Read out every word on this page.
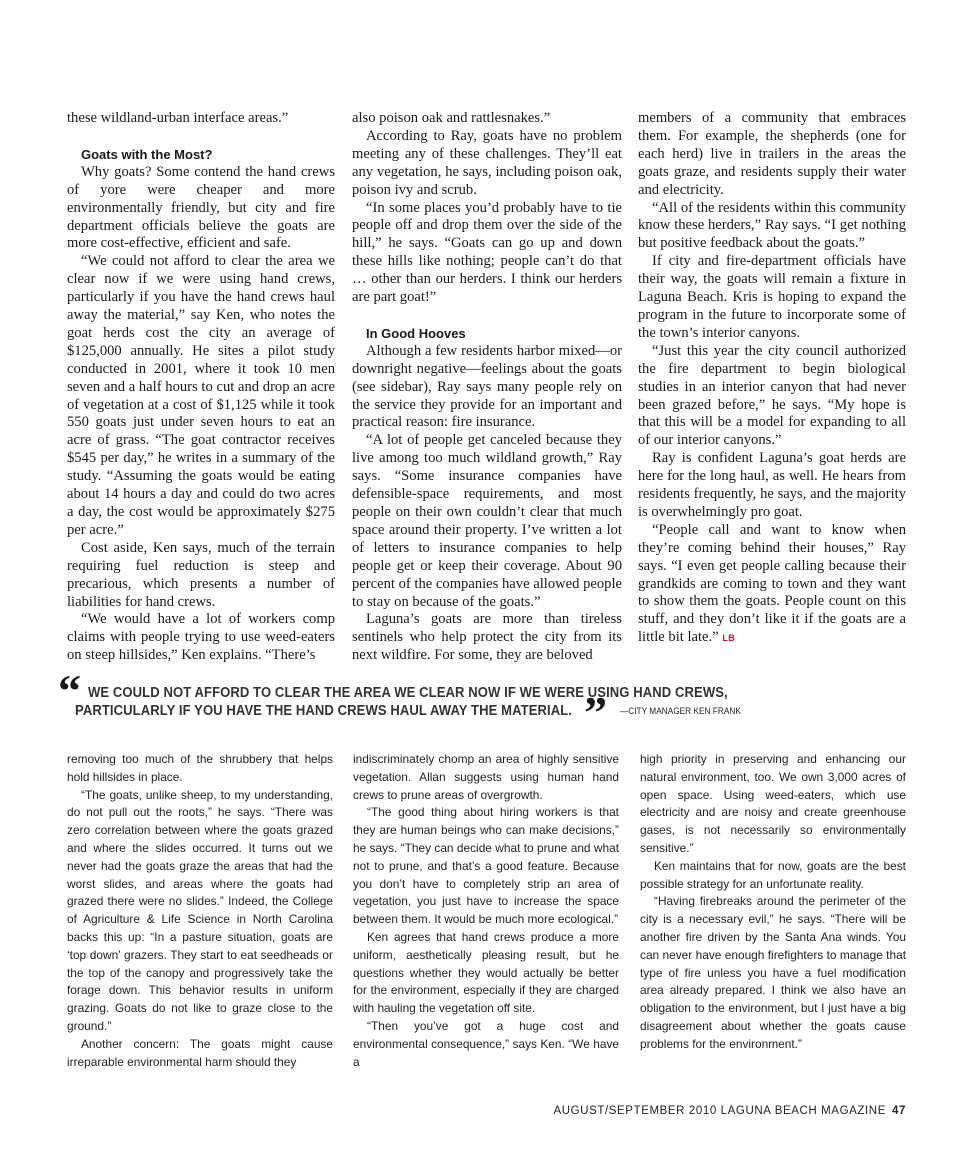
these wildland-urban interface areas.”

Goats with the Most?

Why goats? Some contend the hand crews of yore were cheaper and more environmentally friendly, but city and fire department officials believe the goats are more cost-effective, efficient and safe.

“We could not afford to clear the area we clear now if we were using hand crews, particularly if you have the hand crews haul away the material,” say Ken, who notes the goat herds cost the city an average of $125,000 annually. He sites a pilot study conducted in 2001, where it took 10 men seven and a half hours to cut and drop an acre of vegetation at a cost of $1,125 while it took 550 goats just under seven hours to eat an acre of grass. “The goat contractor receives $545 per day,” he writes in a summary of the study. “Assuming the goats would be eating about 14 hours a day and could do two acres a day, the cost would be approximately $275 per acre.”

Cost aside, Ken says, much of the terrain requiring fuel reduction is steep and precarious, which presents a number of liabilities for hand crews.

“We would have a lot of workers comp claims with people trying to use weed-eaters on steep hillsides,” Ken explains. “There’s

also poison oak and rattlesnakes.”

According to Ray, goats have no problem meeting any of these challenges. They’ll eat any vegetation, he says, including poison oak, poison ivy and scrub.

“In some places you’d probably have to tie people off and drop them over the side of the hill,” he says. “Goats can go up and down these hills like nothing; people can’t do that … other than our herders. I think our herders are part goat!”

In Good Hooves

Although a few residents harbor mixed—or downright negative—feelings about the goats (see sidebar), Ray says many people rely on the service they provide for an important and practical reason: fire insurance.

“A lot of people get canceled because they live among too much wildland growth,” Ray says. “Some insurance companies have defensible-space requirements, and most people on their own couldn’t clear that much space around their property. I’ve written a lot of letters to insurance companies to help people get or keep their coverage. About 90 percent of the companies have allowed people to stay on because of the goats.”

Laguna’s goats are more than tireless sentinels who help protect the city from its next wildfire. For some, they are beloved

members of a community that embraces them. For example, the shepherds (one for each herd) live in trailers in the areas the goats graze, and residents supply their water and electricity.

“All of the residents within this community know these herders,” Ray says. “I get nothing but positive feedback about the goats.”

If city and fire-department officials have their way, the goats will remain a fixture in Laguna Beach. Kris is hoping to expand the program in the future to incorporate some of the town’s interior canyons.

“Just this year the city council authorized the fire department to begin biological studies in an interior canyon that had never been grazed before,” he says. “My hope is that this will be a model for expanding to all of our interior canyons.”

Ray is confident Laguna’s goat herds are here for the long haul, as well. He hears from residents frequently, he says, and the majority is overwhelmingly pro goat.

“People call and want to know when they’re coming behind their houses,” Ray says. “I even get people calling because their grandkids are coming to town and they want to show them the goats. People count on this stuff, and they don’t like it if the goats are a little bit late.” LB

“ WE COULD NOT AFFORD TO CLEAR THE AREA WE CLEAR NOW IF WE WERE USING HAND CREWS,
PARTICULARLY IF YOU HAVE THE HAND CREWS HAUL AWAY THE MATERIAL. ” —CITY MANAGER KEN FRANK

removing too much of the shrubbery that helps hold hillsides in place.

“The goats, unlike sheep, to my understanding, do not pull out the roots,” he says. “There was zero correlation between where the goats grazed and where the slides occurred. It turns out we never had the goats graze the areas that had the worst slides, and areas where the goats had grazed there were no slides.” Indeed, the College of Agriculture & Life Science in North Carolina backs this up: “In a pasture situation, goats are ‘top down’ grazers. They start to eat seedheads or the top of the canopy and progressively take the forage down. This behavior results in uniform grazing. Goats do not like to graze close to the ground.”

Another concern: The goats might cause irreparable environmental harm should they

indiscriminately chomp an area of highly sensitive vegetation. Allan suggests using human hand crews to prune areas of overgrowth.

“The good thing about hiring workers is that they are human beings who can make decisions,” he says. “They can decide what to prune and what not to prune, and that’s a good feature. Because you don’t have to completely strip an area of vegetation, you just have to increase the space between them. It would be much more ecological.”

Ken agrees that hand crews produce a more uniform, aesthetically pleasing result, but he questions whether they would actually be better for the environment, especially if they are charged with hauling the vegetation off site.

“Then you’ve got a huge cost and environmental consequence,” says Ken. “We have a

high priority in preserving and enhancing our natural environment, too. We own 3,000 acres of open space. Using weed-eaters, which use electricity and are noisy and create greenhouse gases, is not necessarily so environmentally sensitive.”

Ken maintains that for now, goats are the best possible strategy for an unfortunate reality.

“Having firebreaks around the perimeter of the city is a necessary evil,” he says. “There will be another fire driven by the Santa Ana winds. You can never have enough firefighters to manage that type of fire unless you have a fuel modification area already prepared. I think we also have an obligation to the environment, but I just have a big disagreement about whether the goats cause problems for the environment.”

AUGUST/SEPTEMBER 2010 LAGUNA BEACH MAGAZINE 47
